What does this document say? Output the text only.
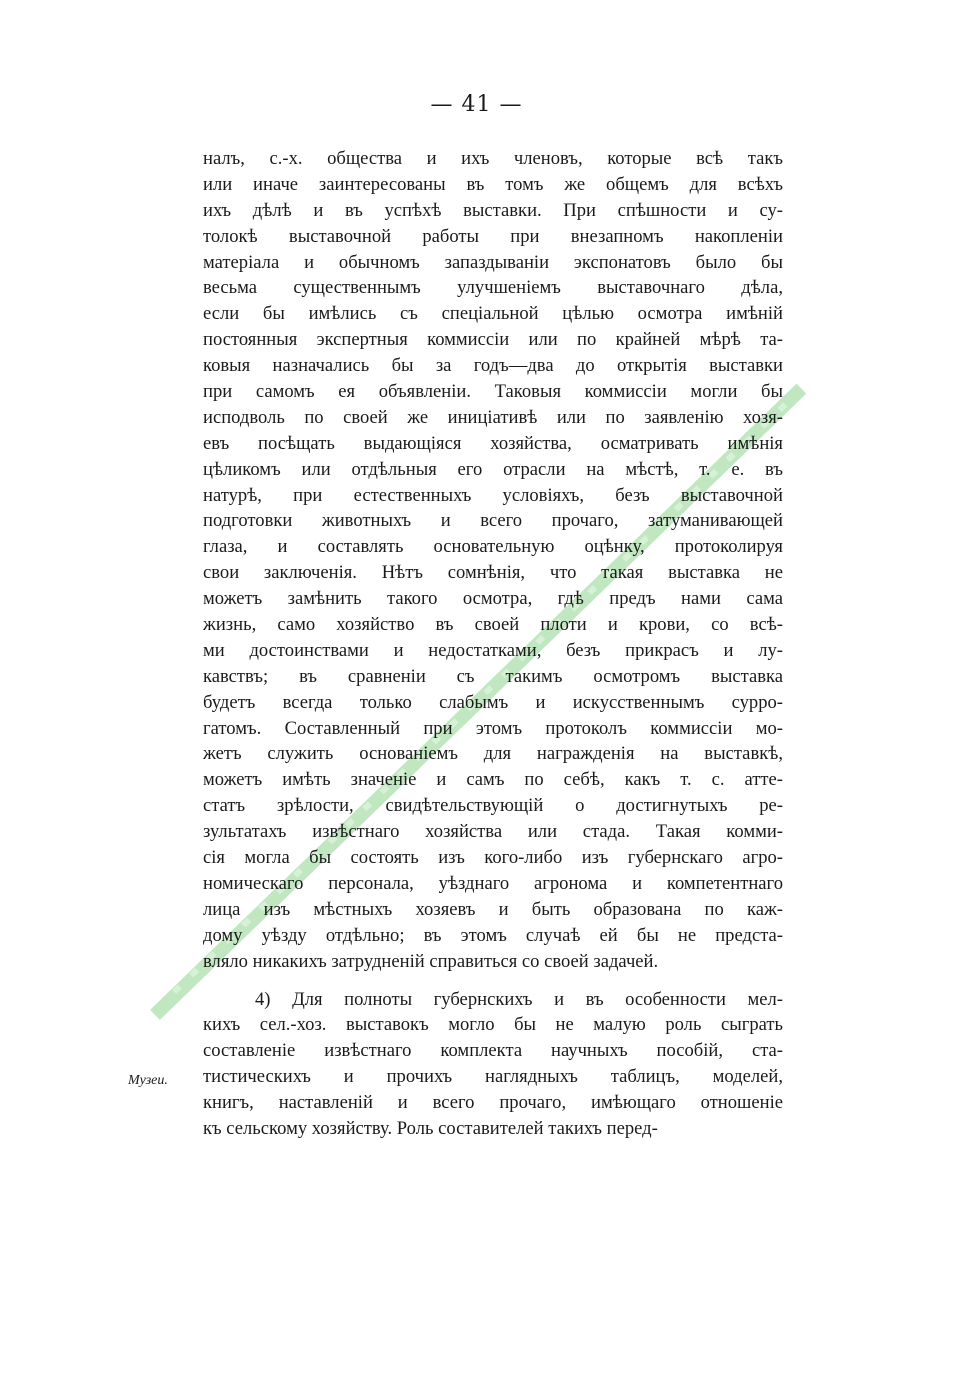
— 41 —
налъ, с.-х. общества и ихъ членовъ, которые всѣ такъ
или иначе заинтересованы въ томъ же общемъ для всѣхъ
ихъ дѣлѣ и въ успѣхѣ выставки. При спѣшности и су-
толокѣ выставочной работы при внезапномъ накопленіи
матеріала и обычномъ запаздываніи экспонатовъ было бы
весьма существеннымъ улучшеніемъ выставочнаго дѣла,
если бы имѣлись съ спеціальной цѣлью осмотра имѣній
постоянныя экспертныя коммиссіи или по крайней мѣрѣ та-
ковыя назначались бы за годъ—два до открытія выставки
при самомъ ея объявленіи. Таковыя коммиссіи могли бы
исподволь по своей же иниціативѣ или по заявленію хозя-
евъ посѣщать выдающіяся хозяйства, осматривать имѣнія
цѣликомъ или отдѣльныя его отрасли на мѣстѣ, т. е. въ
натурѣ, при естественныхъ условіяхъ, безъ выставочной
подготовки животныхъ и всего прочаго, затуманивающей
глаза, и составлять основательную оцѣнку, протоколируя
свои заключенія. Нѣтъ сомнѣнія, что такая выставка не
можетъ замѣнить такого осмотра, гдѣ предъ нами сама
жизнь, само хозяйство въ своей плоти и крови, со всѣ-
ми достоинствами и недостатками, безъ прикрасъ и лу-
кавствъ; въ сравненіи съ такимъ осмотромъ выставка
будетъ всегда только слабымъ и искусственнымъ сурро-
гатомъ. Составленный при этомъ протоколъ коммиссіи мо-
жетъ служить основаніемъ для награжденія на выставкѣ,
можетъ имѣть значеніе и самъ по себѣ, какъ т. с. атте-
статъ зрѣлости, свидѣтельствующій о достигнутыхъ ре-
зультатахъ извѣстнаго хозяйства или стада. Такая комми-
сія могла бы состоять изъ кого-либо изъ губернскаго агро-
номическаго персонала, уѣзднаго агронома и компетентнаго
лица изъ мѣстныхъ хозяевъ и быть образована по каж-
дому уѣзду отдѣльно; въ этомъ случаѣ ей бы не предста-
вляло никакихъ затрудненій справиться со своей задачей.
4) Для полноты губернскихъ и въ особенности мел-
кихъ сел.-хоз. выставокъ могло бы не малую роль сыграть
составленіе извѣстнаго комплекта научныхъ пособій, ста-
тистическихъ и прочихъ наглядныхъ таблицъ, моделей,
книгъ, наставленій и всего прочаго, имѣющаго отношеніе
къ сельскому хозяйству. Роль составителей такихъ перед-
Музеи.
